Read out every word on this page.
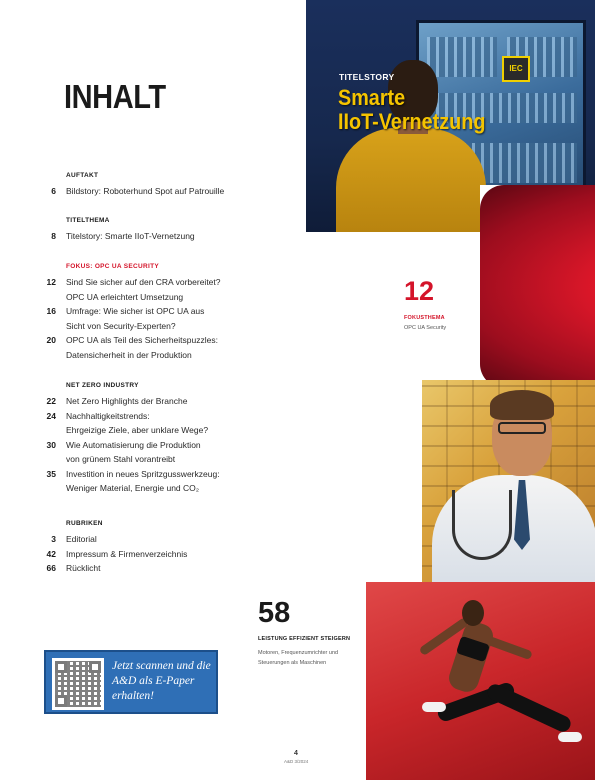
INHALT
IEC
TITELSTORY
Smarte
IIoT-Vernetzung
AUFTAKT
6 Bildstory: Roboterhund Spot auf Patrouille
TITELTHEMA
8 Titelstory: Smarte IIoT-Vernetzung
FOKUS: OPC UA SECURITY
12 Sind Sie sicher auf den CRA vorbereitet?
OPC UA erleichtert Umsetzung
16 Umfrage: Wie sicher ist OPC UA aus
Sicht von Security-Experten?
20 OPC UA als Teil des Sicherheitspuzzles:
Datensicherheit in der Produktion
NET ZERO INDUSTRY
22 Net Zero Highlights der Branche
24 Nachhaltigkeitstrends:
Ehrgeizige Ziele, aber unklare Wege?
30 Wie Automatisierung die Produktion
von grünem Stahl vorantreibt
35 Investition in neues Spritzgusswerkzeug:
Weniger Material, Energie und CO₂
RUBRIKEN
3 Editorial
42 Impressum & Firmenverzeichnis
66 Rücklicht
12
FOKUSTHEMA
OPC UA Security
58
LEISTUNG EFFIZIENT STEIGERN
Motoren, Frequenzumrichter und Steuerungen als Maschinen
Jetzt scannen und die A&D als E-Paper erhalten!
4
A&D 3/2024
